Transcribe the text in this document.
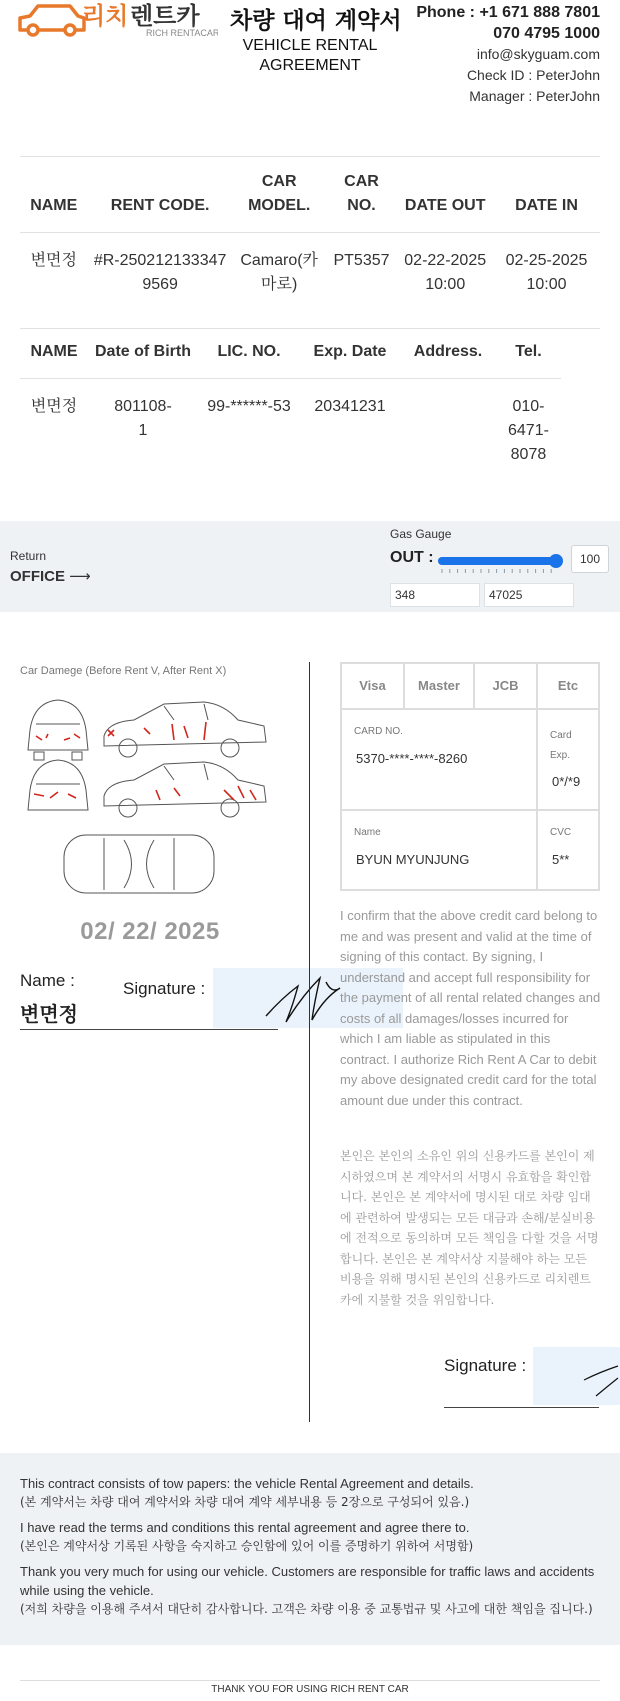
리치 렌트카
RICH RENTACAR 차량 대여 계약서
VEHICLE RENTAL AGREEMENT
Phone : +1 671 888 7801
070 4795 1000
info@skyguam.com
Check ID : PeterJohn
Manager : PeterJohn
NAME	RENT CODE.	CAR MODEL.	CAR NO.	DATE OUT	DATE IN
변면정	#R-2502121333479569	Camaro(카마로)	PT5357	02-22-2025 10:00	02-25-2025 10:00
NAME	Date of Birth	LIC. NO.	Exp. Date	Address.	Tel.
변면정	801108-1	99-******-53	20341231		010-6471-8078
Return
OFFICE ⟶
Gas Gauge
OUT :	100
348	47025
Car Damege (Before Rent V, After Rent X)
02/ 22/ 2025
Name :
변면정
Signature :
Visa	Master	JCB	Etc
CARD NO.
5370-****-****-8260
Card
Exp.
0*/*9
Name
BYUN MYUNJUNG
CVC
5**
I confirm that the above credit card belong to me and was present and valid at the time of signing of this contact. By signing, I understand and accept full responsibility for the payment of all rental related changes and costs of all damages/losses incurred for which I am liable as stipulated in this contract. I authorize Rich Rent A Car to debit my above designated credit card for the total amount due under this contract.
본인은 본인의 소유인 위의 신용카드를 본인이 제시하였으며 본 계약서의 서명시 유효함을 확인합니다. 본인은 본 계약서에 명시된 대로 차량 임대에 관련하여 발생되는 모든 대금과 손해/분실비용에 전적으로 동의하며 모든 책임을 다할 것을 서명합니다. 본인은 본 계약서상 지불해야 하는 모든 비용을 위해 명시된 본인의 신용카드로 리치렌트카에 지불할 것을 위임합니다.
Signature :
This contract consists of tow papers: the vehicle Rental Agreement and details.
(본 계약서는 차량 대여 계약서와 차량 대여 계약 세부내용 등 2장으로 구성되어 있음.)
I have read the terms and conditions this rental agreement and agree there to.
(본인은 계약서상 기록된 사항을 숙지하고 승인함에 있어 이를 증명하기 위하여 서명함)
Thank you very much for using our vehicle. Customers are responsible for traffic laws and accidents while using the vehicle.
(저희 차량을 이용해 주셔서 대단히 감사합니다. 고객은 차량 이용 중 교통법규 및 사고에 대한 책임을 집니다.)
THANK YOU FOR USING RICH RENT CAR
